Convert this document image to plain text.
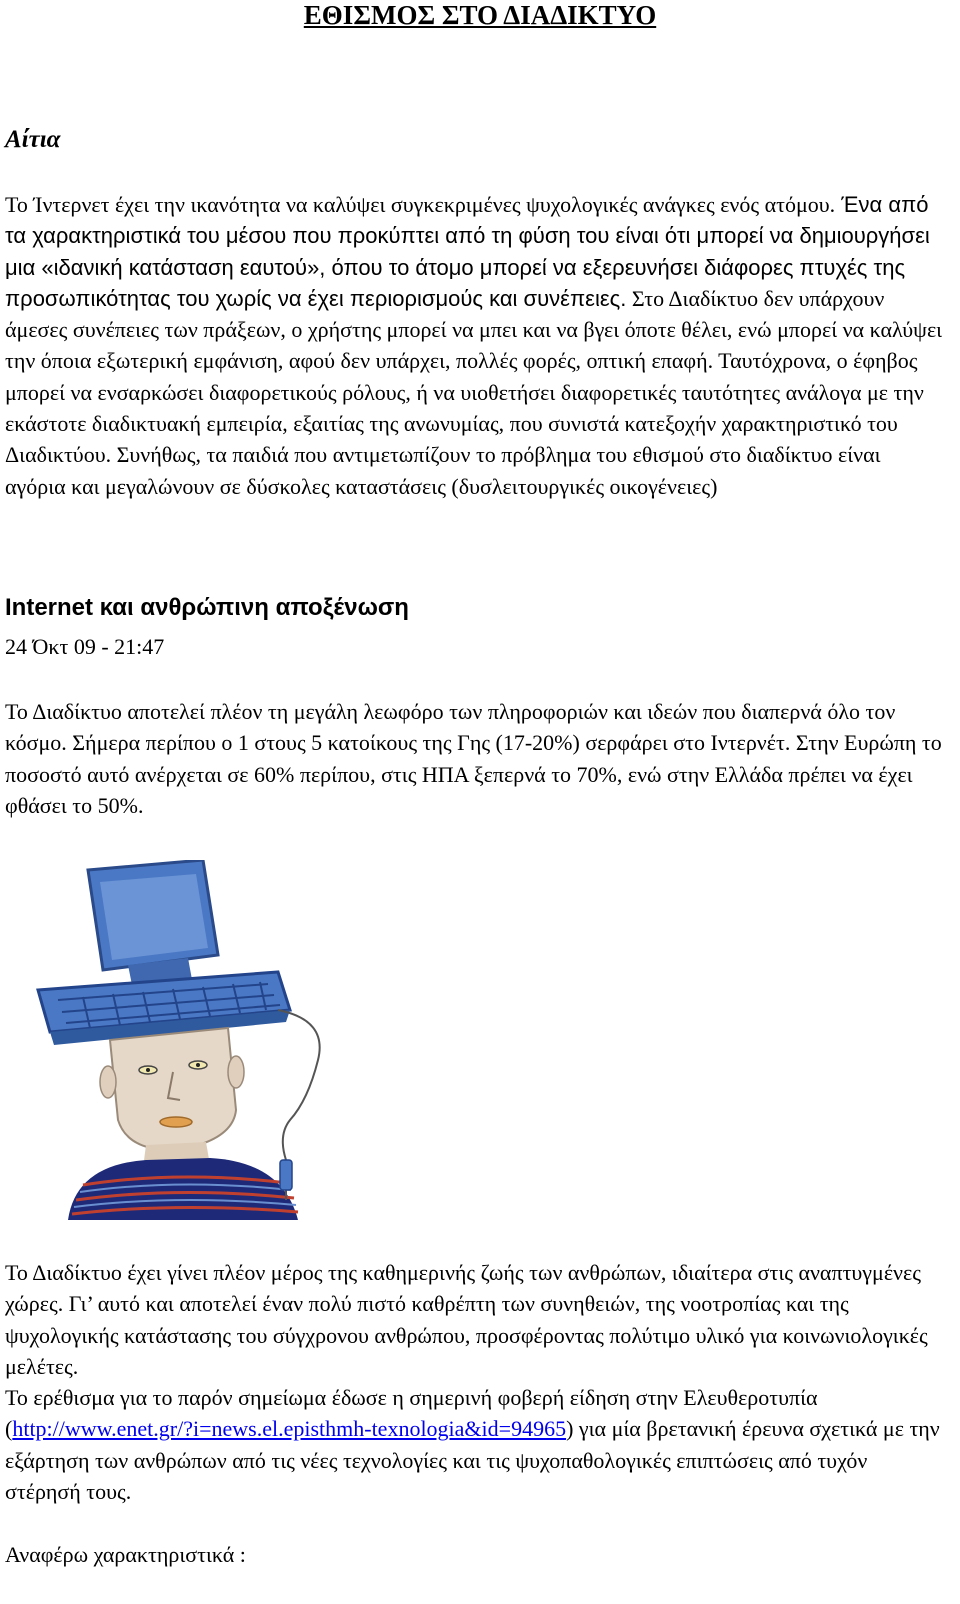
ΕΘΙΣΜΟΣ ΣΤΟ ΔΙΑΔΙΚΤΥΟ
Αίτια
Το Ίντερνετ έχει την ικανότητα να καλύψει συγκεκριμένες ψυχολογικές ανάγκες ενός ατόμου. Ένα από τα χαρακτηριστικά του μέσου που προκύπτει από τη φύση του είναι ότι μπορεί να δημιουργήσει μια «ιδανική κατάσταση εαυτού», όπου το άτομο μπορεί να εξερευνήσει διάφορες πτυχές της προσωπικότητας του χωρίς να έχει περιορισμούς και συνέπειες. Στο Διαδίκτυο δεν υπάρχουν άμεσες συνέπειες των πράξεων, ο χρήστης μπορεί να μπει και να βγει όποτε θέλει, ενώ μπορεί να καλύψει την όποια εξωτερική εμφάνιση, αφού δεν υπάρχει, πολλές φορές, οπτική επαφή. Ταυτόχρονα, ο έφηβος μπορεί να ενσαρκώσει διαφορετικούς ρόλους, ή να υιοθετήσει διαφορετικές ταυτότητες ανάλογα με την εκάστοτε διαδικτυακή εμπειρία, εξαιτίας της ανωνυμίας, που συνιστά κατεξοχήν χαρακτηριστικό του Διαδικτύου. Συνήθως, τα παιδιά που αντιμετωπίζουν το πρόβλημα του εθισμού στο διαδίκτυο είναι αγόρια και μεγαλώνουν σε δύσκολες καταστάσεις (δυσλειτουργικές οικογένειες)
Internet και ανθρώπινη αποξένωση
24 Όκτ 09 - 21:47
Το Διαδίκτυο αποτελεί πλέον τη μεγάλη λεωφόρο των πληροφοριών και ιδεών που διαπερνά όλο τον κόσμο. Σήμερα περίπου ο 1 στους 5 κατοίκους της Γης (17-20%) σερφάρει στο Ιντερνέτ. Στην Ευρώπη το ποσοστό αυτό ανέρχεται σε 60% περίπου, στις ΗΠΑ ξεπερνά το 70%, ενώ στην Ελλάδα πρέπει να έχει φθάσει το 50%.
Το Διαδίκτυο έχει γίνει πλέον μέρος της καθημερινής ζωής των ανθρώπων, ιδιαίτερα στις αναπτυγμένες χώρες. Γι’ αυτό και αποτελεί έναν πολύ πιστό καθρέπτη των συνηθειών, της νοοτροπίας και της ψυχολογικής κατάστασης του σύγχρονου ανθρώπου, προσφέροντας πολύτιμο υλικό για κοινωνιολογικές μελέτες.
Το ερέθισμα για το παρόν σημείωμα έδωσε η σημερινή φοβερή είδηση στην Ελευθεροτυπία (http://www.enet.gr/?i=news.el.episthmh-texnologia&id=94965) για μία βρετανική έρευνα σχετικά με την εξάρτηση των ανθρώπων από τις νέες τεχνολογίες και τις ψυχοπαθολογικές επιπτώσεις από τυχόν στέρησή τους.
Αναφέρω χαρακτηριστικά :
